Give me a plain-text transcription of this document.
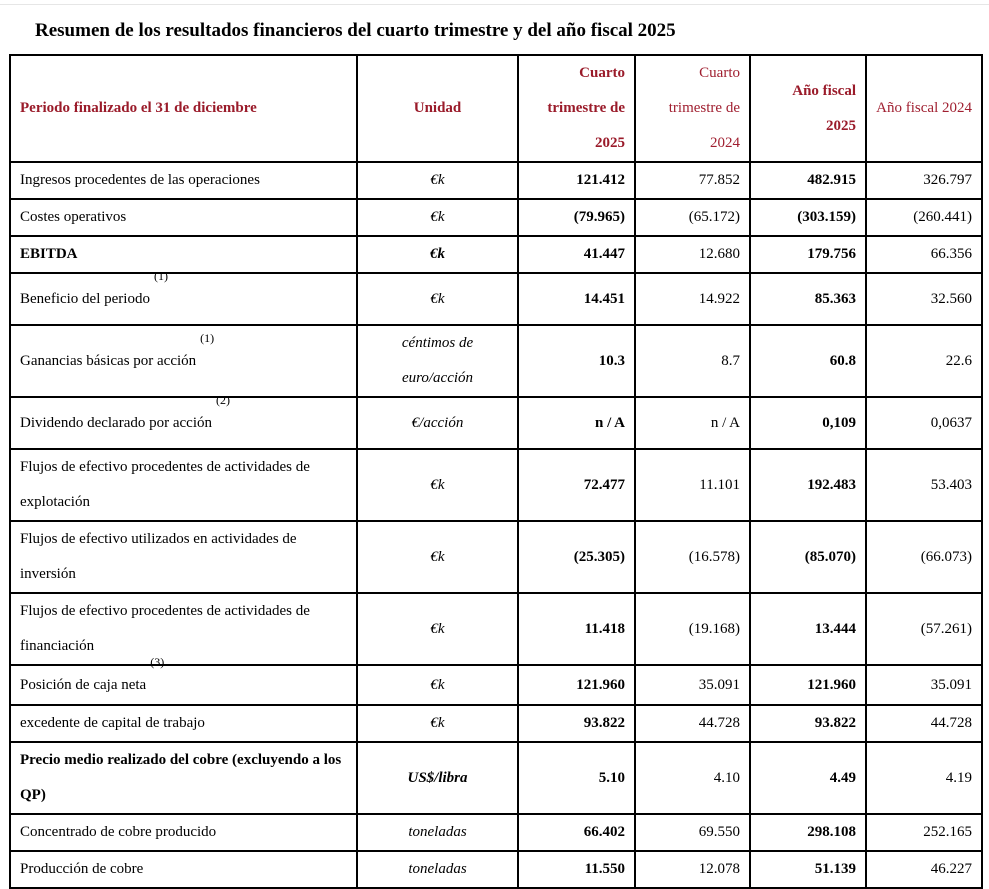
Resumen de los resultados financieros del cuarto trimestre y del año fiscal 2025
Periodo finalizado el 31 de diciembre	Unidad	Cuarto trimestre de 2025	Cuarto trimestre de 2024	Año fiscal 2025	Año fiscal 2024
Ingresos procedentes de las operaciones	€k	121.412	77.852	482.915	326.797
Costes operativos	€k	(79.965)	(65.172)	(303.159)	(260.441)
EBITDA	€k	41.447	12.680	179.756	66.356
Beneficio del periodo$^{(1)}$	€k	14.451	14.922	85.363	32.560
Ganancias básicas por acción$^{(1)}$	céntimos de euro/acción	10.3	8.7	60.8	22.6
Dividendo declarado por acción$^{(2)}$	€/acción	n / A	n / A	0,109	0,0637
Flujos de efectivo procedentes de actividades de explotación	€k	72.477	11.101	192.483	53.403
Flujos de efectivo utilizados en actividades de inversión	€k	(25.305)	(16.578)	(85.070)	(66.073)
Flujos de efectivo procedentes de actividades de financiación	€k	11.418	(19.168)	13.444	(57.261)
Posición de caja neta$^{(3)}$	€k	121.960	35.091	121.960	35.091
excedente de capital de trabajo	€k	93.822	44.728	93.822	44.728
Precio medio realizado del cobre (excluyendo a los QP)	US$/libra	5.10	4.10	4.49	4.19
Concentrado de cobre producido	toneladas	66.402	69.550	298.108	252.165
Producción de cobre	toneladas	11.550	12.078	51.139	46.227
